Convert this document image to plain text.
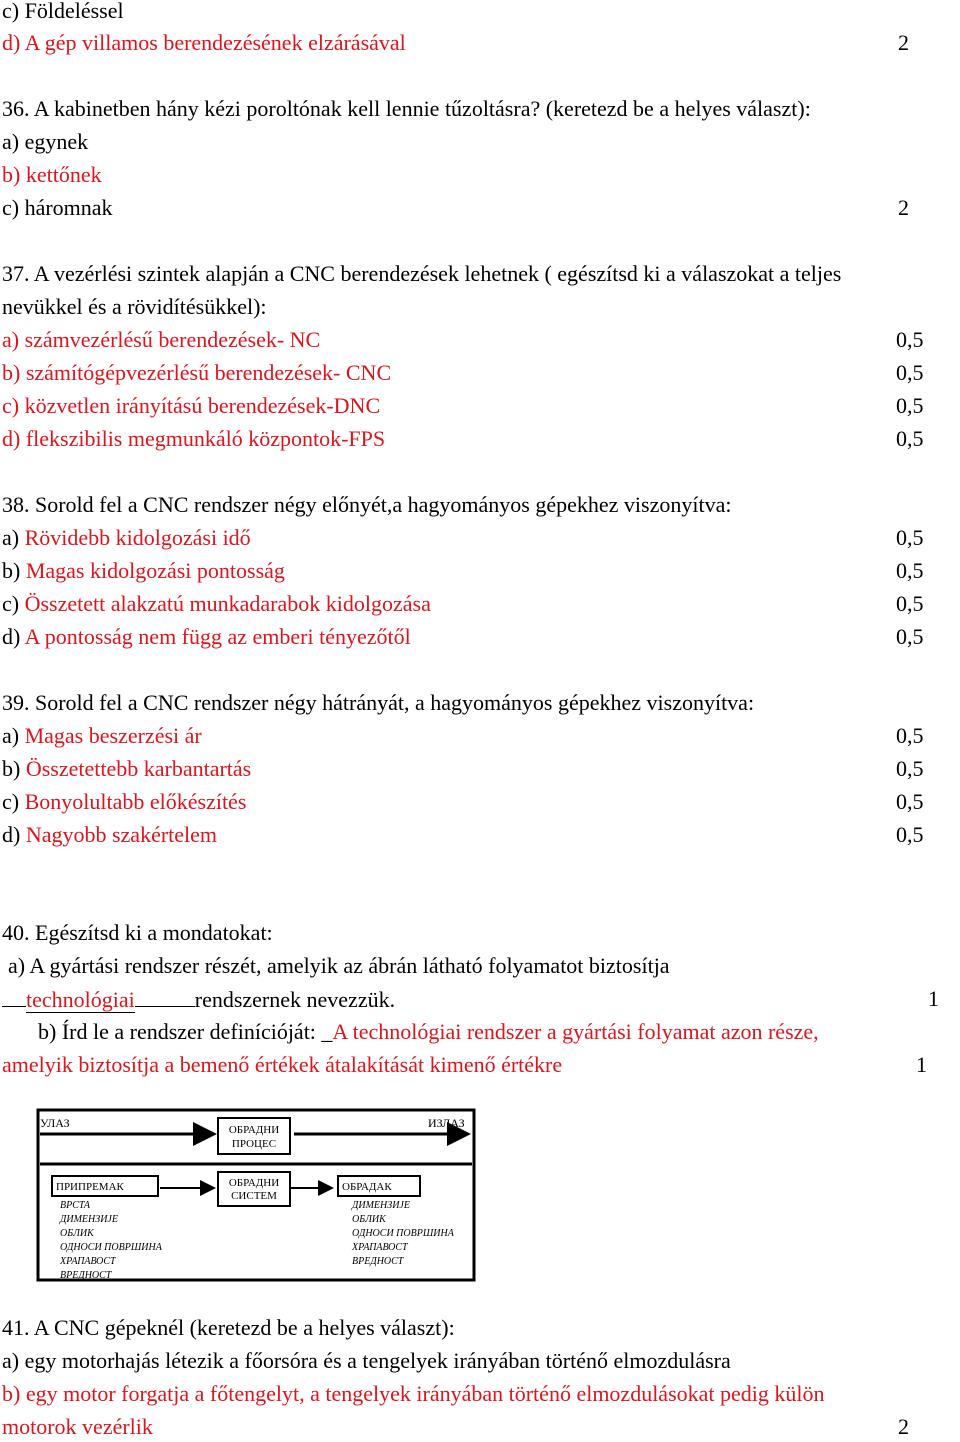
c) Földeléssel
d) A gép villamos berendezésének elzárásával	2
36. A kabinetben hány kézi poroltónak kell lennie tűzoltásra? (keretezd be a helyes választ):
a) egynek
b) kettőnek
c) háromnak	2
37. A vezérlési szintek alapján a CNC berendezések lehetnek ( egészítsd ki a válaszokat a teljes
nevükkel és a rövidítésükkel):
a) számvezérlésű berendezések- NC	0,5
b) számítógépvezérlésű berendezések- CNC	0,5
c) közvetlen irányítású berendezések-DNC	0,5
d) flekszibilis megmunkáló központok-FPS	0,5
38. Sorold fel a CNC rendszer négy előnyét,a hagyományos gépekhez viszonyítva:
a) Rövidebb kidolgozási idő	0,5
b) Magas kidolgozási pontosság	0,5
c) Összetett alakzatú munkadarabok kidolgozása	0,5
d) A pontosság nem függ az emberi tényezőtől	0,5
39. Sorold fel a CNC rendszer négy hátrányát, a hagyományos gépekhez viszonyítva:
a) Magas beszerzési ár	0,5
b) Összetettebb karbantartás	0,5
c) Bonyolultabb előkészítés	0,5
d) Nagyobb szakértelem	0,5
40. Egészítsd ki a mondatokat:
a) A gyártási rendszer részét, amelyik az ábrán látható folyamatot biztosítja
technológiai	rendszernek nevezzük.	1
b) Írd le a rendszer definícióját: _A technológiai rendszer a gyártási folyamat azon része,
amelyik biztosítja a bemenő értékek átalakítását kimenő értékre	1
УЛАЗ	ИЗЛАЗ
ОБРАДНИ
ПРОЦЕС
ОБРАДНИ
СИСТЕМ
ПРИПРЕМАК
ВРСТА
ДИМЕНЗИЈЕ
ОБЛИК
ОДНОСИ ПОВРШИНА
ХРАПАВОСТ
ВРЕДНОСТ
ОБРАДАК
ДИМЕНЗИЈЕ
ОБЛИК
ОДНОСИ ПОВРШИНА
ХРАПАВОСТ
ВРЕДНОСТ
41. A CNC gépeknél (keretezd be a helyes választ):
a) egy motorhajás létezik a főorsóra és a tengelyek irányában történő elmozdulásra
b) egy motor forgatja a főtengelyt, a tengelyek irányában történő elmozdulásokat pedig külön
motorok vezérlik	2
